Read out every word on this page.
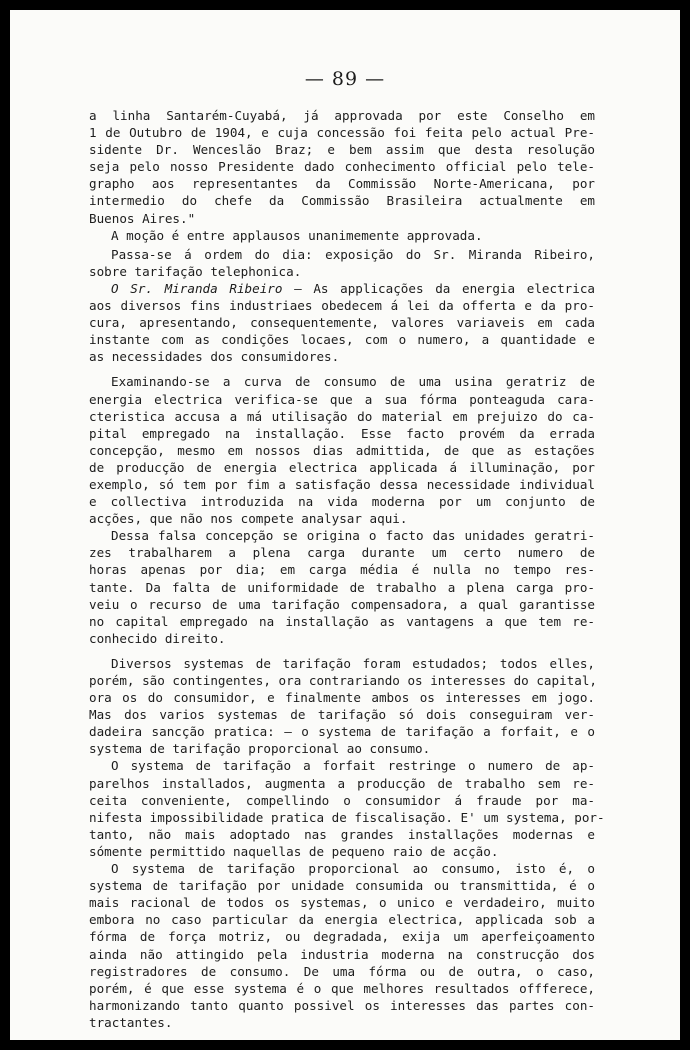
— 89 —
a linha Santarém-Cuyabá, já approvada por este Conselho em
1 de Outubro de 1904, e cuja concessão foi feita pelo actual Pre-
sidente Dr. Wenceslão Braz; e bem assim que desta resolução
seja pelo nosso Presidente dado conhecimento official pelo tele-
grapho aos representantes da Commissão Norte-Americana, por
intermedio do chefe da Commissão Brasileira actualmente em
Buenos Aires."
A moção é entre applausos unanimemente approvada.
Passa-se á ordem do dia: exposição do Sr. Miranda Ribeiro,
sobre tarifação telephonica.
O Sr. Miranda Ribeiro — As applicações da energia electrica
aos diversos fins industriaes obedecem á lei da offerta e da pro-
cura, apresentando, consequentemente, valores variaveis em cada
instante com as condições locaes, com o numero, a quantidade e
as necessidades dos consumidores.
Examinando-se a curva de consumo de uma usina geratriz de
energia electrica verifica-se que a sua fórma ponteaguda cara-
cteristica accusa a má utilisação do material em prejuizo do ca-
pital empregado na installação. Esse facto provém da errada
concepção, mesmo em nossos dias admittida, de que as estações
de producção de energia electrica applicada á illuminação, por
exemplo, só tem por fim a satisfação dessa necessidade individual
e collectiva introduzida na vida moderna por um conjunto de
acções, que não nos compete analysar aqui.
Dessa falsa concepção se origina o facto das unidades geratri-
zes trabalharem a plena carga durante um certo numero de
horas apenas por dia; em carga média é nulla no tempo res-
tante. Da falta de uniformidade de trabalho a plena carga pro-
veiu o recurso de uma tarifação compensadora, a qual garantisse
no capital empregado na installação as vantagens a que tem re-
conhecido direito.
Diversos systemas de tarifação foram estudados; todos elles,
porém, são contingentes, ora contrariando os interesses do capital,
ora os do consumidor, e finalmente ambos os interesses em jogo.
Mas dos varios systemas de tarifação só dois conseguiram ver-
dadeira sancção pratica: — o systema de tarifação a forfait, e o
systema de tarifação proporcional ao consumo.
O systema de tarifação a forfait restringe o numero de ap-
parelhos installados, augmenta a producção de trabalho sem re-
ceita conveniente, compellindo o consumidor á fraude por ma-
nifesta impossibilidade pratica de fiscalisação. E' um systema, por-
tanto, não mais adoptado nas grandes installações modernas e
sómente permittido naquellas de pequeno raio de acção.
O systema de tarifação proporcional ao consumo, isto é, o
systema de tarifação por unidade consumida ou transmittida, é o
mais racional de todos os systemas, o unico e verdadeiro, muito
embora no caso particular da energia electrica, applicada sob a
fórma de força motriz, ou degradada, exija um aperfeiçoamento
ainda não attingido pela industria moderna na construcção dos
registradores de consumo. De uma fórma ou de outra, o caso,
porém, é que esse systema é o que melhores resultados offferece,
harmonizando tanto quanto possivel os interesses das partes con-
tractantes.
